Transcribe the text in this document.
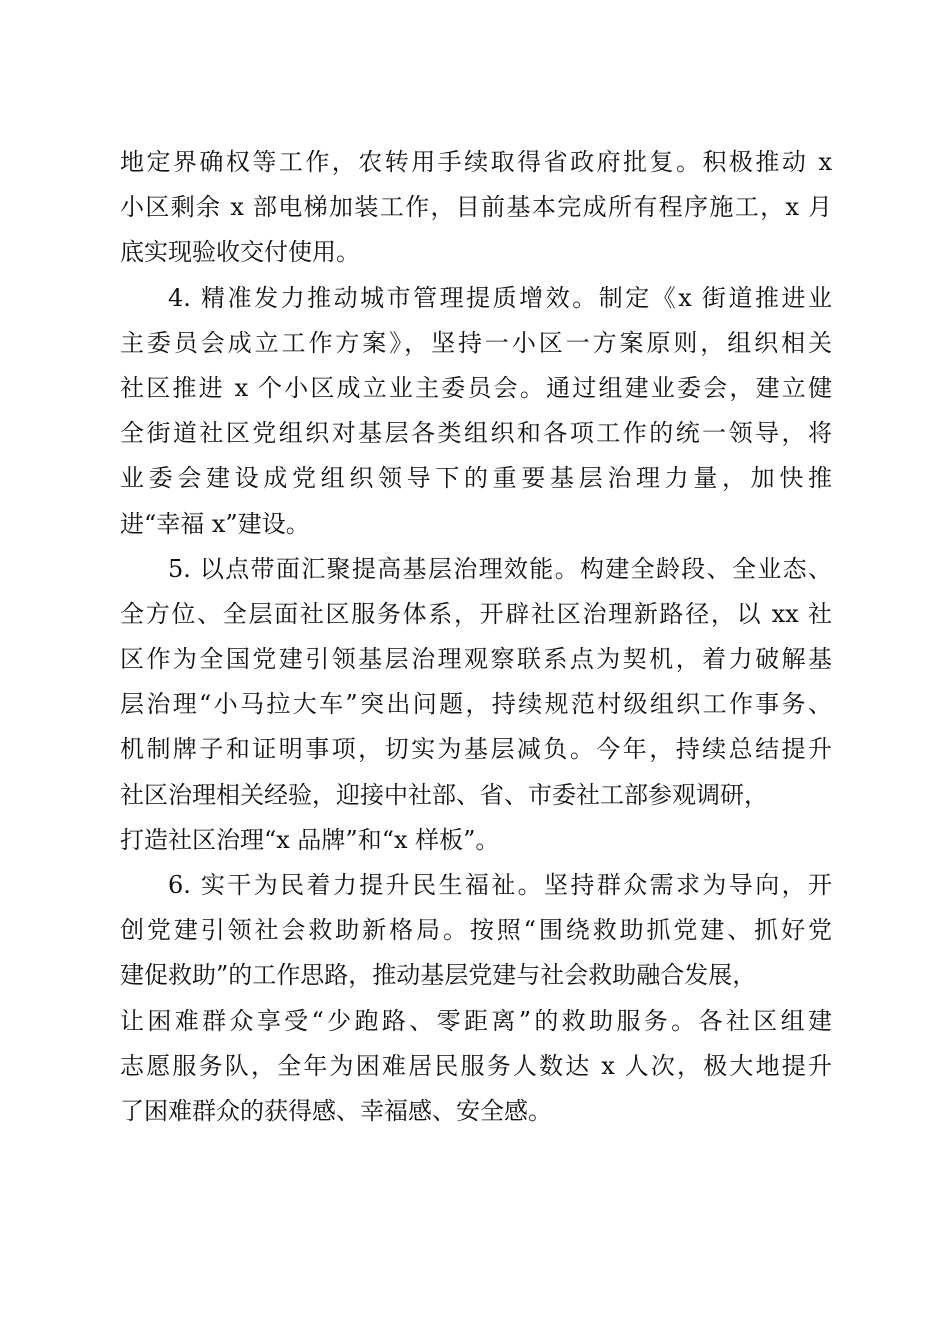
地定界确权等工作，农转用手续取得省政府批复。积极推动 x
小区剩余 x 部电梯加装工作，目前基本完成所有程序施工，x 月
底实现验收交付使用。
4. 精准发力推动城市管理提质增效。制定《x 街道推进业
主委员会成立工作方案》，坚持一小区一方案原则，组织相关
社区推进 x 个小区成立业主委员会。通过组建业委会，建立健
全街道社区党组织对基层各类组织和各项工作的统一领导，将
业委会建设成党组织领导下的重要基层治理力量，加快推
进“幸福 x”建设。
5. 以点带面汇聚提高基层治理效能。构建全龄段、全业态、
全方位、全层面社区服务体系，开辟社区治理新路径，以 xx 社
区作为全国党建引领基层治理观察联系点为契机，着力破解基
层治理“小马拉大车”突出问题，持续规范村级组织工作事务、
机制牌子和证明事项，切实为基层减负。今年，持续总结提升
社区治理相关经验，迎接中社部、省、市委社工部参观调研，
打造社区治理“x 品牌”和“x 样板”。
6. 实干为民着力提升民生福祉。坚持群众需求为导向，开
创党建引领社会救助新格局。按照“围绕救助抓党建、抓好党
建促救助”的工作思路，推动基层党建与社会救助融合发展，
让困难群众享受“少跑路、零距离”的救助服务。各社区组建
志愿服务队，全年为困难居民服务人数达 x 人次，极大地提升
了困难群众的获得感、幸福感、安全感。
